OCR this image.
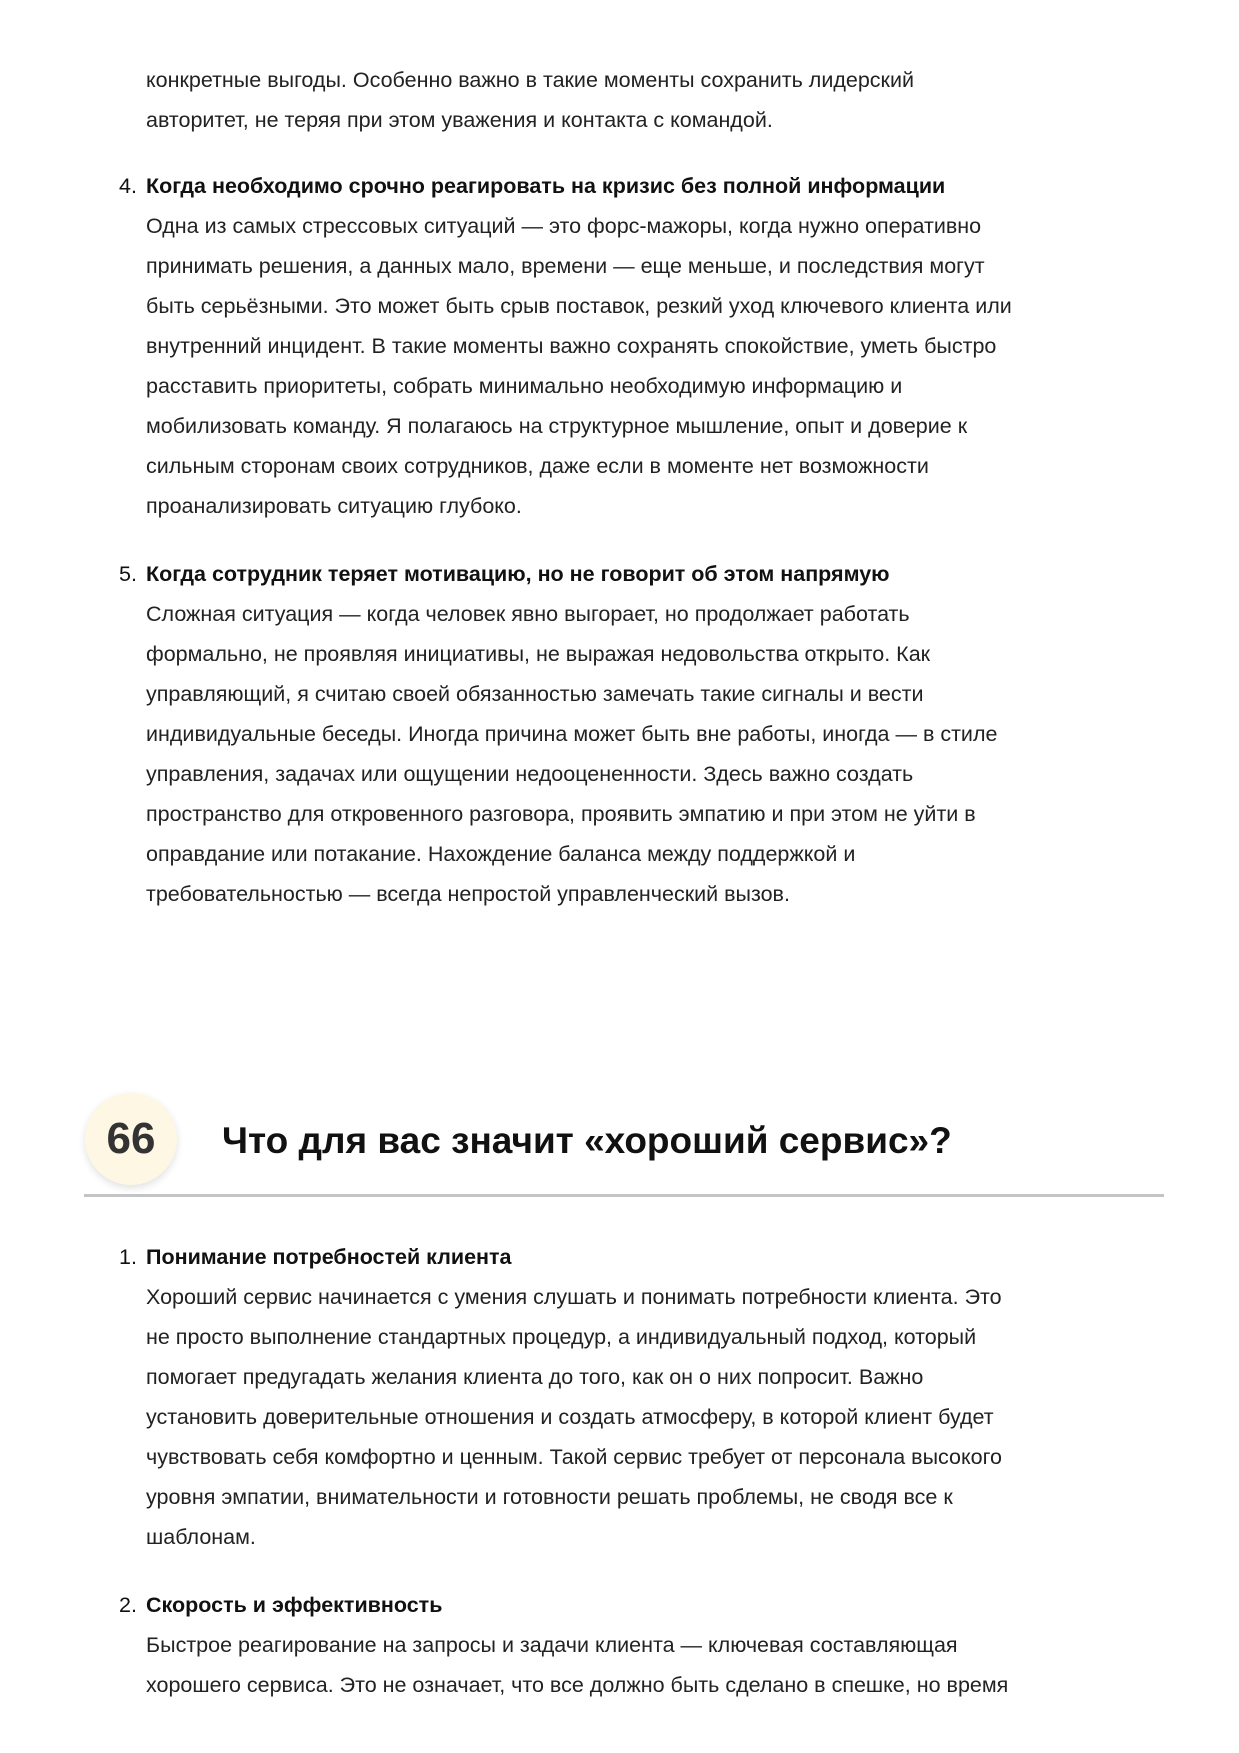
конкретные выгоды. Особенно важно в такие моменты сохранить лидерский
авторитет, не теряя при этом уважения и контакта с командой.
4. Когда необходимо срочно реагировать на кризис без полной информации
Одна из самых стрессовых ситуаций — это форс-мажоры, когда нужно оперативно
принимать решения, а данных мало, времени — еще меньше, и последствия могут
быть серьёзными. Это может быть срыв поставок, резкий уход ключевого клиента или
внутренний инцидент. В такие моменты важно сохранять спокойствие, уметь быстро
расставить приоритеты, собрать минимально необходимую информацию и
мобилизовать команду. Я полагаюсь на структурное мышление, опыт и доверие к
сильным сторонам своих сотрудников, даже если в моменте нет возможности
проанализировать ситуацию глубоко.
5. Когда сотрудник теряет мотивацию, но не говорит об этом напрямую
Сложная ситуация — когда человек явно выгорает, но продолжает работать
формально, не проявляя инициативы, не выражая недовольства открыто. Как
управляющий, я считаю своей обязанностью замечать такие сигналы и вести
индивидуальные беседы. Иногда причина может быть вне работы, иногда — в стиле
управления, задачах или ощущении недооцененности. Здесь важно создать
пространство для откровенного разговора, проявить эмпатию и при этом не уйти в
оправдание или потакание. Нахождение баланса между поддержкой и
требовательностью — всегда непростой управленческий вызов.
66	Что для вас значит «хороший сервис»?
1. Понимание потребностей клиента
Хороший сервис начинается с умения слушать и понимать потребности клиента. Это
не просто выполнение стандартных процедур, а индивидуальный подход, который
помогает предугадать желания клиента до того, как он о них попросит. Важно
установить доверительные отношения и создать атмосферу, в которой клиент будет
чувствовать себя комфортно и ценным. Такой сервис требует от персонала высокого
уровня эмпатии, внимательности и готовности решать проблемы, не сводя все к
шаблонам.
2. Скорость и эффективность
Быстрое реагирование на запросы и задачи клиента — ключевая составляющая
хорошего сервиса. Это не означает, что все должно быть сделано в спешке, но время
